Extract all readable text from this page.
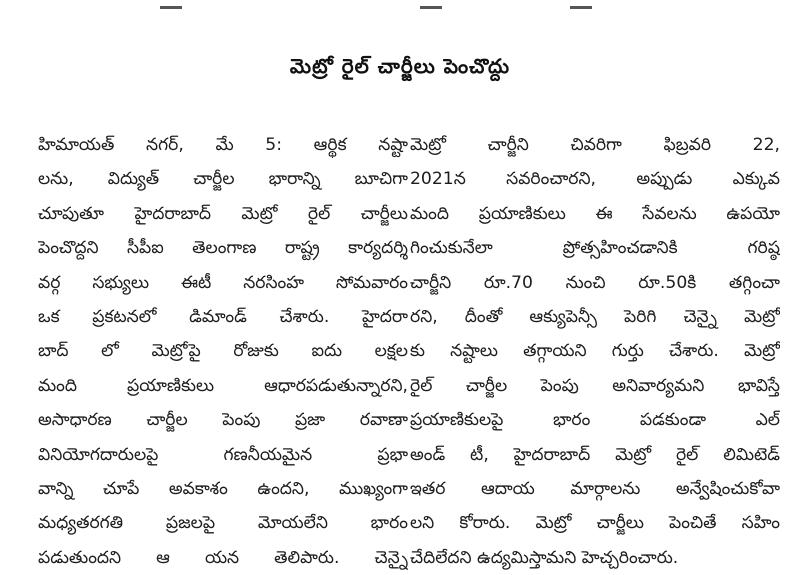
మెట్రో రైల్ చార్జీలు పెంచొద్దు
హిమాయత్ నగర్, మే 5: ఆర్థిక నష్టా
లను, విద్యుత్ చార్జీల భారాన్ని బూచిగా
చూపుతూ హైదరాబాద్ మెట్రో రైల్ చార్జీలు
పెంచొద్దని సీపీఐ తెలంగాణ రాష్ట్ర కార్యదర్శి
వర్గ సభ్యులు ఈటీ నరసింహ సోమవారం
ఒక ప్రకటనలో డిమాండ్ చేశారు. హైదరా
బాద్ లో మెట్రోపై రోజుకు ఐదు లక్షల
మంది ప్రయాణికులు ఆధారపడుతున్నారని,
అసాధారణ చార్జీల పెంపు ప్రజా రవాణా
వినియోగదారులపై గణనీయమైన ప్రభా
వాన్ని చూపే అవకాశం ఉందని, ముఖ్యంగా
మధ్యతరగతి ప్రజలపై మోయలేని భారం
పడుతుందని ఆ యన తెలిపారు. చెన్నై
మెట్రో చార్జీని చివరిగా ఫిబ్రవరి 22,
2021న సవరించారని, అప్పుడు ఎక్కువ
మంది ప్రయాణికులు ఈ సేవలను ఉపయో
గించుకునేలా ప్రోత్సహించడానికి గరిష్ఠ
చార్జీని రూ.70 నుంచి రూ.50కి తగ్గించా
రని, దీంతో ఆక్యుపెన్సీ పెరిగి చెన్నై మెట్రో
కు నష్టాలు తగ్గాయని గుర్తు చేశారు. మెట్రో
రైల్ చార్జీల పెంపు అనివార్యమని భావిస్తే
ప్రయాణికులపై భారం పడకుండా ఎల్
అండ్ టీ, హైదరాబాద్ మెట్రో రైల్ లిమిటెడ్
ఇతర ఆదాయ మార్గాలను అన్వేషించుకోవా
లని కోరారు. మెట్రో చార్జీలు పెంచితే సహిం
చేదిలేదని ఉద్యమిస్తామని హెచ్చరించారు.
